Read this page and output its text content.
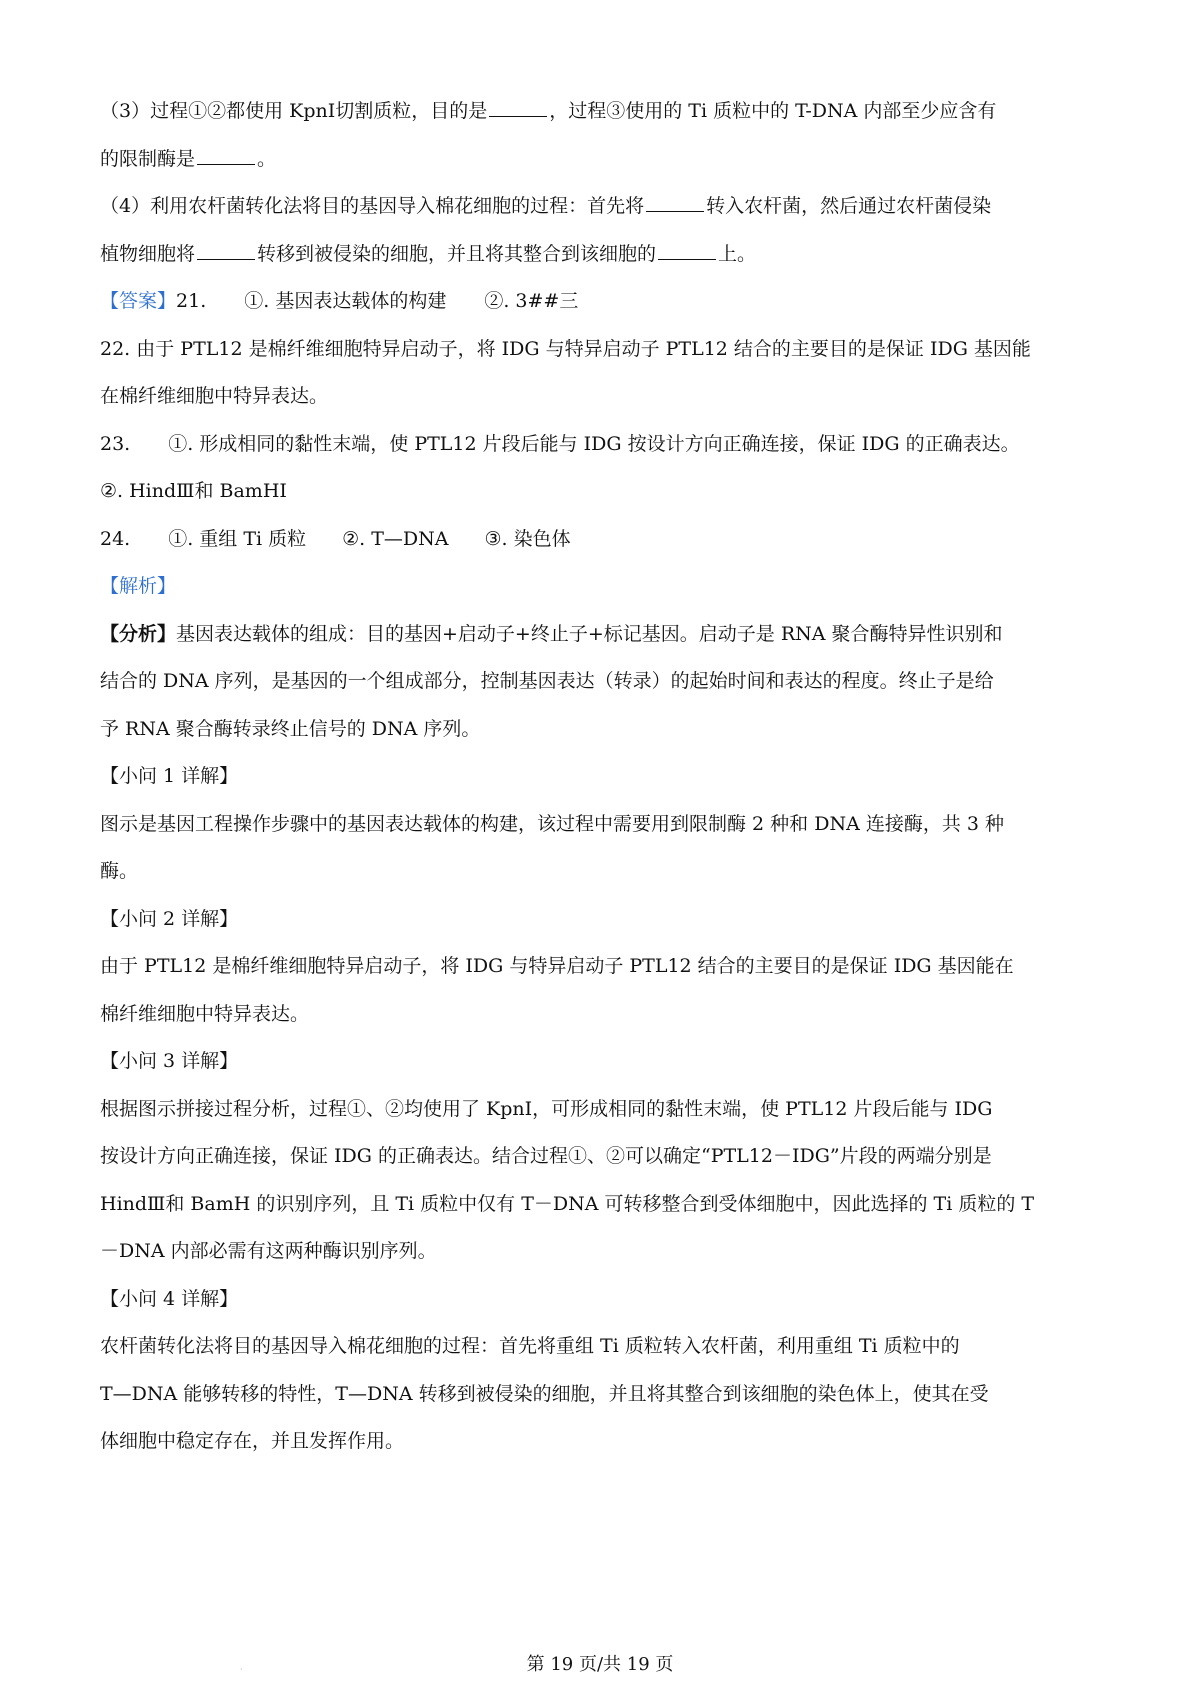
（3）过程①②都使用 KpnⅠ切割质粒，目的是	，过程③使用的 Ti 质粒中的 T-DNA 内部至少应含有
的限制酶是	。
（4）利用农杆菌转化法将目的基因导入棉花细胞的过程：首先将	转入农杆菌，然后通过农杆菌侵染
植物细胞将	转移到被侵染的细胞，并且将其整合到该细胞的	上。
【答案】21. ①. 基因表达载体的构建 ②. 3##三
22. 由于 PTL12 是棉纤维细胞特异启动子，将 IDG 与特异启动子 PTL12 结合的主要目的是保证 IDG 基因能
在棉纤维细胞中特异表达。
23. ①. 形成相同的黏性末端，使 PTL12 片段后能与 IDG 按设计方向正确连接，保证 IDG 的正确表达。
②. HindⅢ和 BamHⅠ
24. ①. 重组 Ti 质粒 ②. T—DNA ③. 染色体
【解析】
【分析】基因表达载体的组成：目的基因+启动子+终止子+标记基因。启动子是 RNA 聚合酶特异性识别和
结合的 DNA 序列，是基因的一个组成部分，控制基因表达（转录）的起始时间和表达的程度。终止子是给
予 RNA 聚合酶转录终止信号的 DNA 序列。
【小问 1 详解】
图示是基因工程操作步骤中的基因表达载体的构建，该过程中需要用到限制酶 2 种和 DNA 连接酶，共 3 种
酶。
【小问 2 详解】
由于 PTL12 是棉纤维细胞特异启动子，将 IDG 与特异启动子 PTL12 结合的主要目的是保证 IDG 基因能在
棉纤维细胞中特异表达。
【小问 3 详解】
根据图示拼接过程分析，过程①、②均使用了 KpnⅠ，可形成相同的黏性末端，使 PTL12 片段后能与 IDG
按设计方向正确连接，保证 IDG 的正确表达。结合过程①、②可以确定“PTL12－IDG”片段的两端分别是
HindⅢ和 BamH 的识别序列，且 Ti 质粒中仅有 T－DNA 可转移整合到受体细胞中，因此选择的 Ti 质粒的 T
－DNA 内部必需有这两种酶识别序列。
【小问 4 详解】
农杆菌转化法将目的基因导入棉花细胞的过程：首先将重组 Ti 质粒转入农杆菌，利用重组 Ti 质粒中的
T—DNA 能够转移的特性，T—DNA 转移到被侵染的细胞，并且将其整合到该细胞的染色体上，使其在受
体细胞中稳定存在，并且发挥作用。
·	第 19 页/共 19 页
